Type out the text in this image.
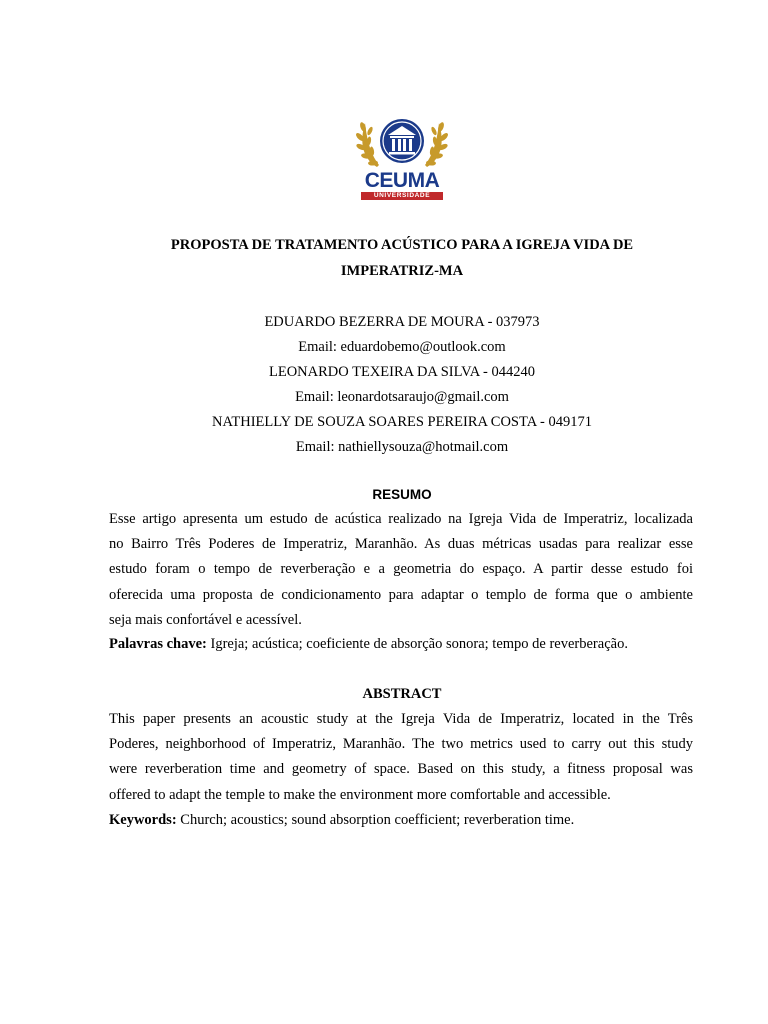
CEUMA
UNIVERSIDADE
PROPOSTA DE TRATAMENTO ACÚSTICO PARA A IGREJA VIDA DE
IMPERATRIZ-MA
EDUARDO BEZERRA DE MOURA - 037973
Email: eduardobemo@outlook.com
LEONARDO TEXEIRA DA SILVA - 044240
Email: leonardotsaraujo@gmail.com
NATHIELLY DE SOUZA SOARES PEREIRA COSTA - 049171
Email: nathiellysouza@hotmail.com
RESUMO
Esse artigo apresenta um estudo de acústica realizado na Igreja Vida de Imperatriz, localizada
no Bairro Três Poderes de Imperatriz, Maranhão. As duas métricas usadas para realizar esse
estudo foram o tempo de reverberação e a geometria do espaço. A partir desse estudo foi
oferecida uma proposta de condicionamento para adaptar o templo de forma que o ambiente
seja mais confortável e acessível.
Palavras chave: Igreja; acústica; coeficiente de absorção sonora; tempo de reverberação.
ABSTRACT
This paper presents an acoustic study at the Igreja Vida de Imperatriz, located in the Três
Poderes, neighborhood of Imperatriz, Maranhão. The two metrics used to carry out this study
were reverberation time and geometry of space. Based on this study, a fitness proposal was
offered to adapt the temple to make the environment more comfortable and accessible.
Keywords: Church; acoustics; sound absorption coefficient; reverberation time.
